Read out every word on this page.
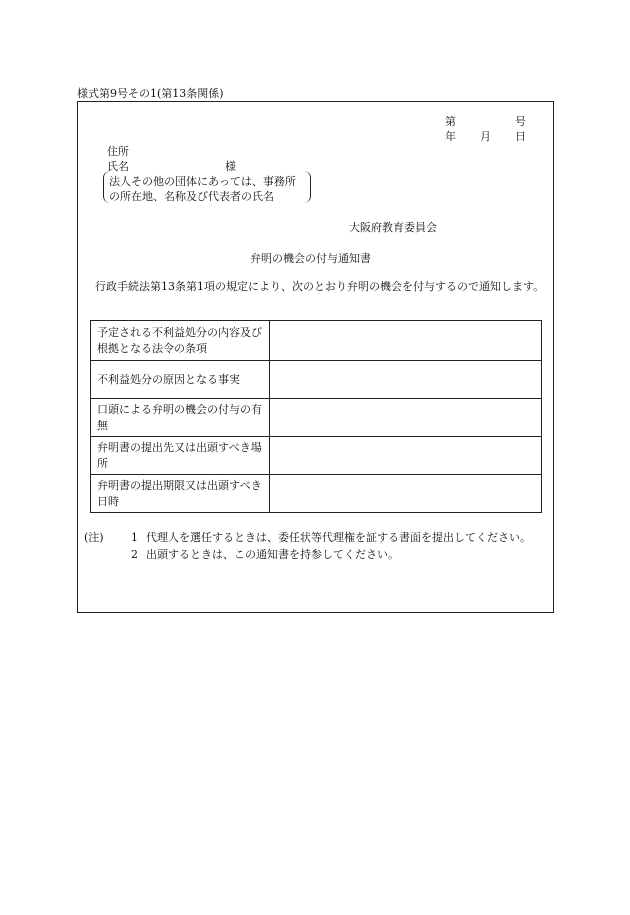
様式第9号その1(第13条関係)
第	号
年 月 日
住所
氏名	様
法人その他の団体にあっては、事務所
の所在地、名称及び代表者の氏名
大阪府教育委員会
弁明の機会の付与通知書
行政手続法第13条第1項の規定により、次のとおり弁明の機会を付与するので通知します。
予定される不利益処分の内容及び根拠となる法令の条項	
不利益処分の原因となる事実	
口頭による弁明の機会の付与の有無	
弁明書の提出先又は出頭すべき場所	
弁明書の提出期限又は出頭すべき日時	
(注) 1 代理人を選任するときは、委任状等代理権を証する書面を提出してください。
2 出頭するときは、この通知書を持参してください。
